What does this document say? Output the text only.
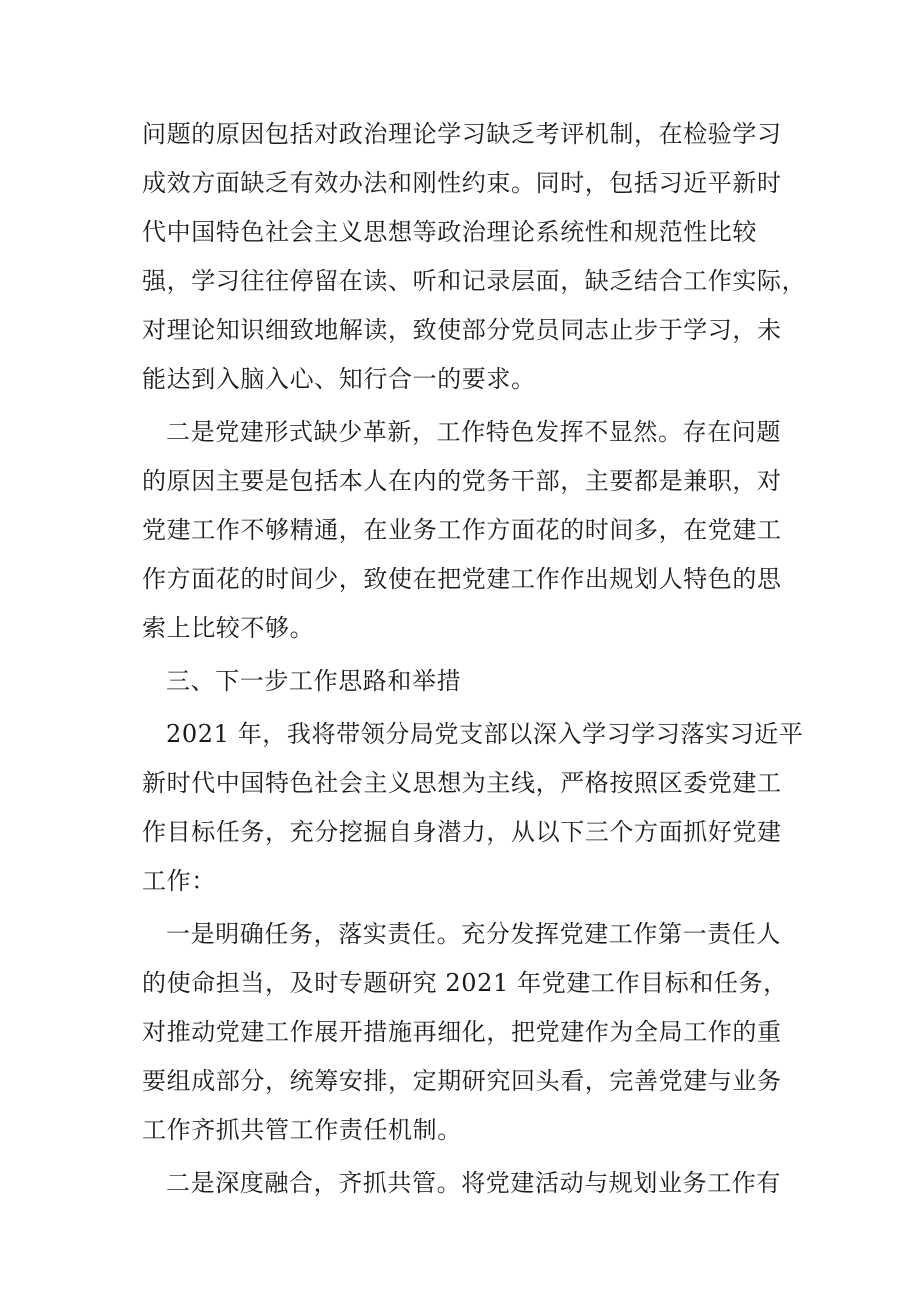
问题的原因包括对政治理论学习缺乏考评机制，在检验学习
成效方面缺乏有效办法和刚性约束。同时，包括习近平新时
代中国特色社会主义思想等政治理论系统性和规范性比较
强，学习往往停留在读、听和记录层面，缺乏结合工作实际，
对理论知识细致地解读，致使部分党员同志止步于学习，未
能达到入脑入心、知行合一的要求。
二是党建形式缺少革新，工作特色发挥不显然。存在问题
的原因主要是包括本人在内的党务干部，主要都是兼职，对
党建工作不够精通，在业务工作方面花的时间多，在党建工
作方面花的时间少，致使在把党建工作作出规划人特色的思
索上比较不够。
三、下一步工作思路和举措
2021 年，我将带领分局党支部以深入学习学习落实习近平
新时代中国特色社会主义思想为主线，严格按照区委党建工
作目标任务，充分挖掘自身潜力，从以下三个方面抓好党建
工作：
一是明确任务，落实责任。充分发挥党建工作第一责任人
的使命担当，及时专题研究 2021 年党建工作目标和任务，
对推动党建工作展开措施再细化，把党建作为全局工作的重
要组成部分，统筹安排，定期研究回头看，完善党建与业务
工作齐抓共管工作责任机制。
二是深度融合，齐抓共管。将党建活动与规划业务工作有
